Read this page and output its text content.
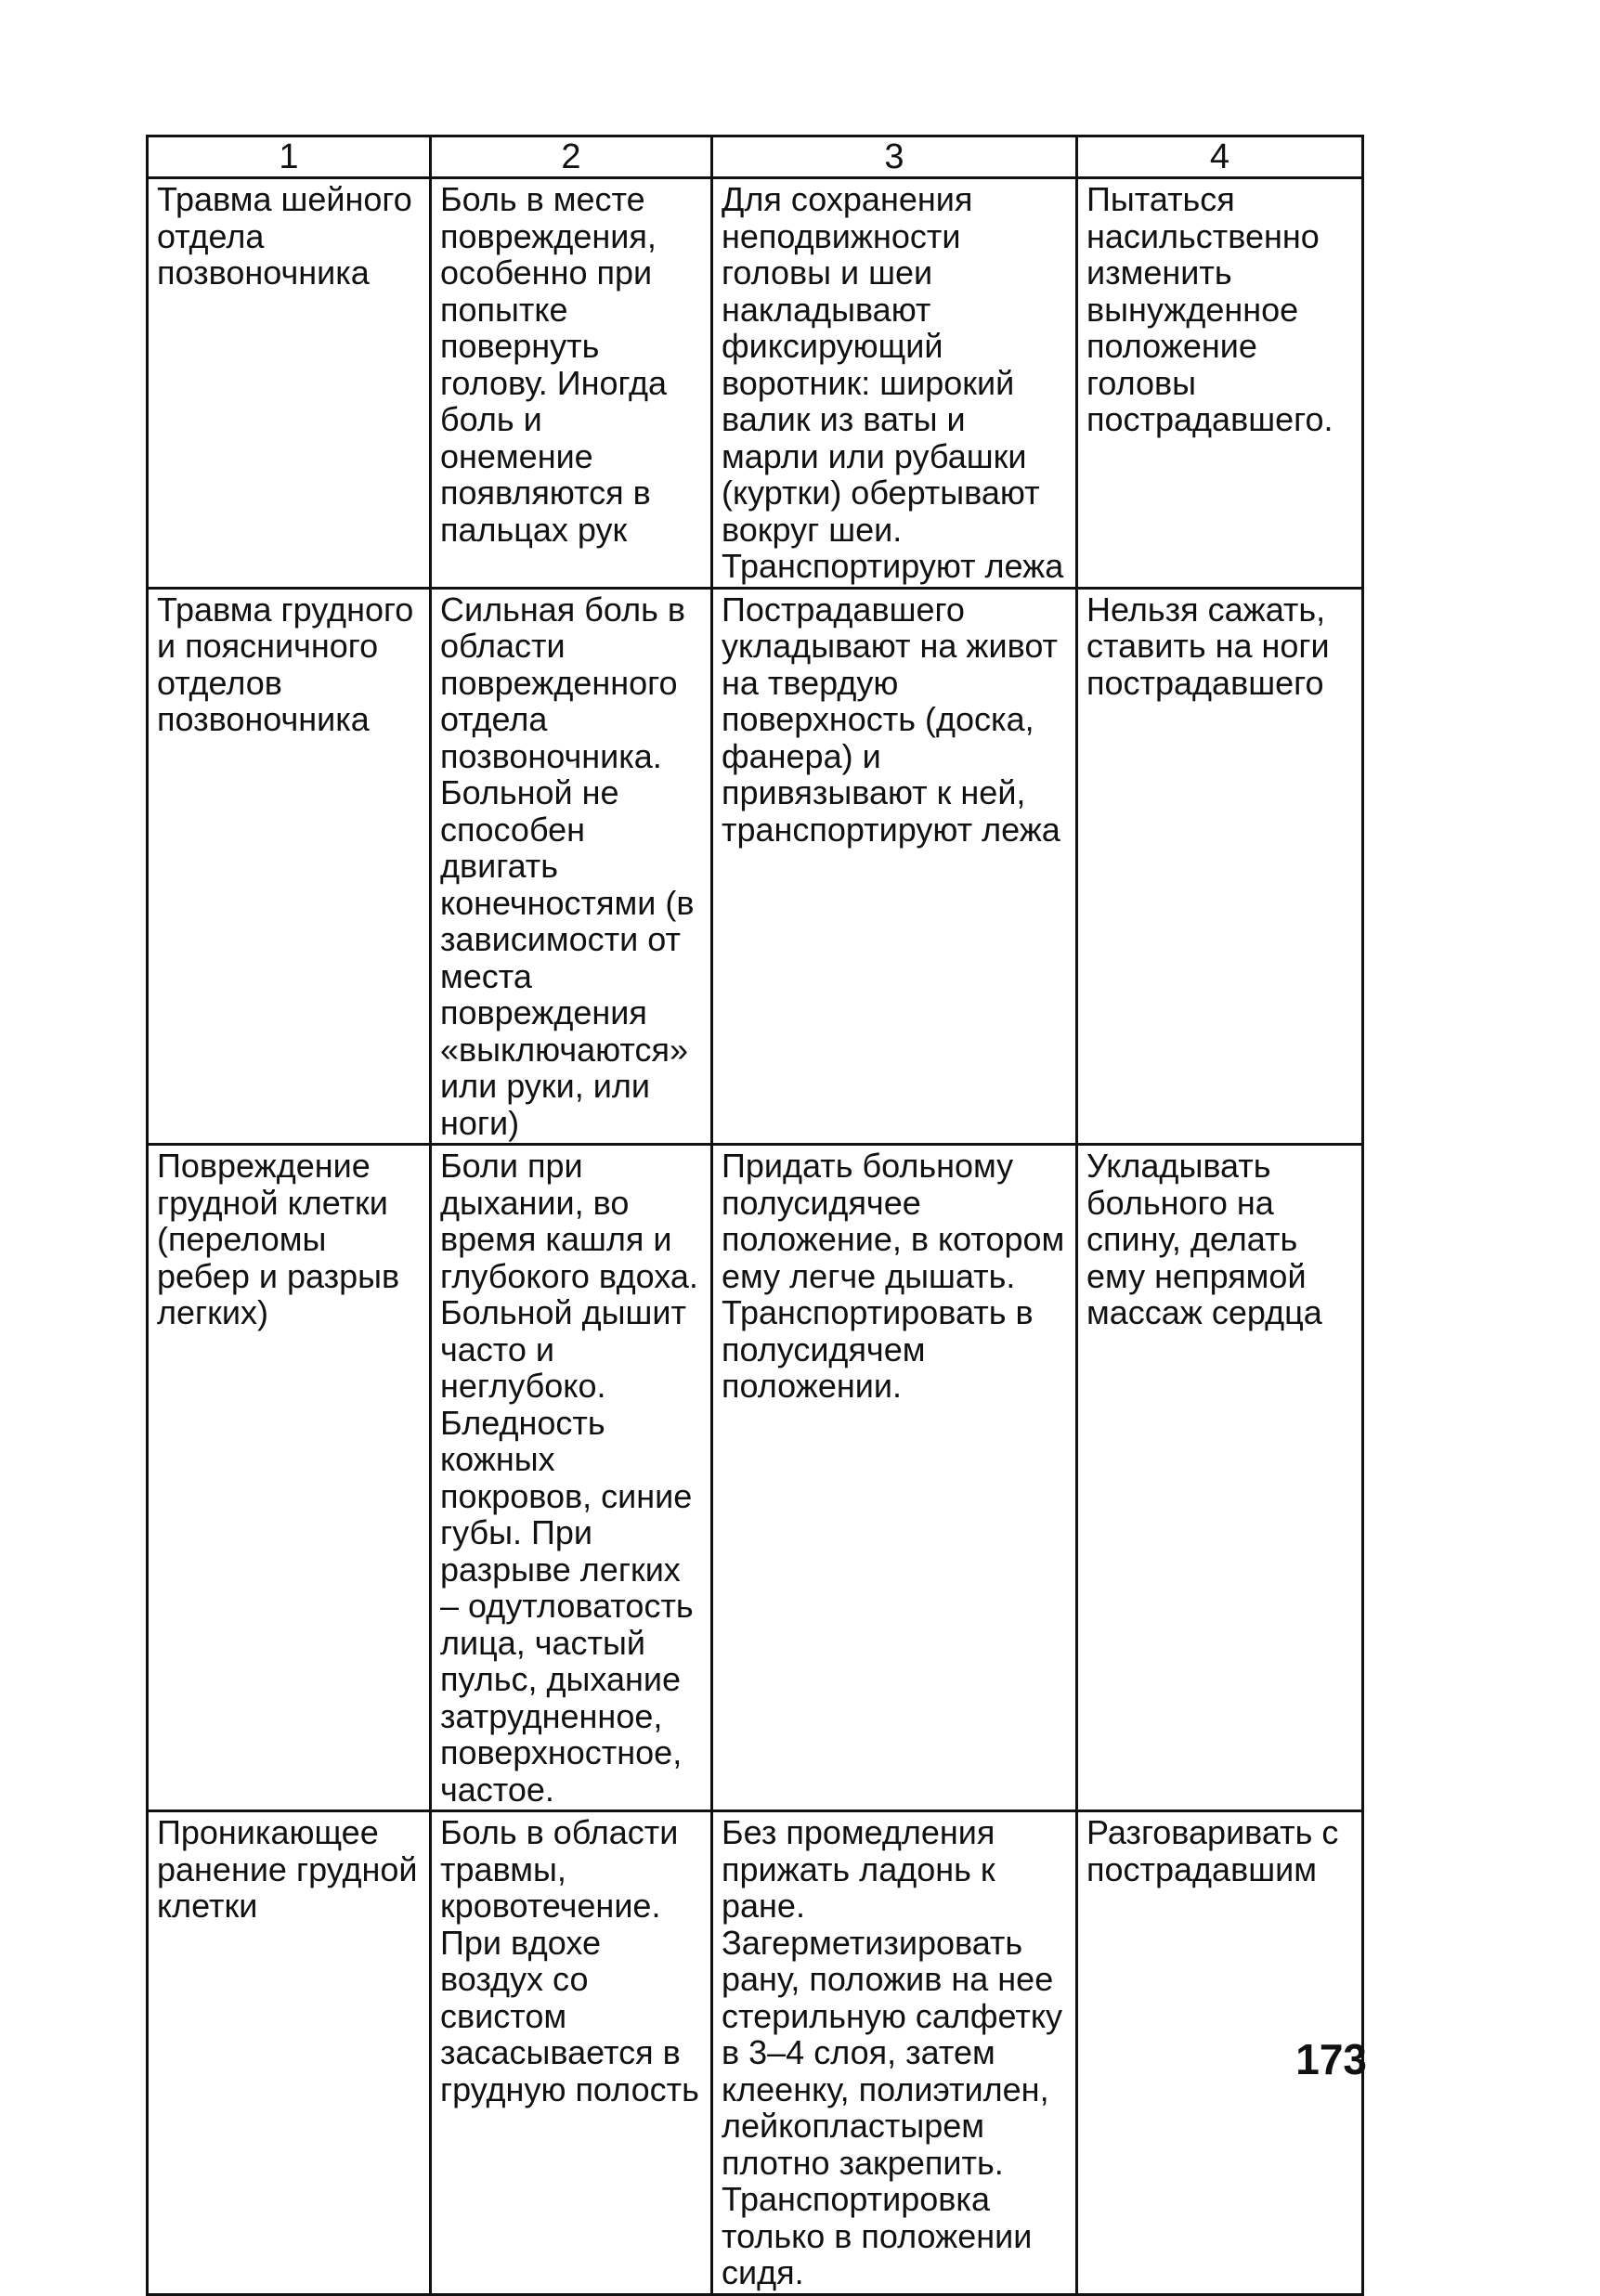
1	2	3	4

Травма шейного отдела позвоночника	Боль в месте повреждения, особенно при попытке повернуть голову. Иногда боль и онемение появляются в пальцах рук	Для сохранения неподвижности головы и шеи накладывают фиксирующий воротник: широкий валик из ваты и марли или рубашки (куртки) обертывают вокруг шеи. Транспортируют лежа	Пытаться насильственно изменить вынужденное положение головы пострадавшего.

Травма грудного и поясничного отделов позвоночника	Сильная боль в области поврежденного отдела позвоночника. Больной не способен двигать конечностями (в зависимости от места повреждения «выключаются» или руки, или ноги)	Пострадавшего укладывают на живот на твердую поверхность (доска, фанера) и привязывают к ней, транспортируют лежа	Нельзя сажать, ставить на ноги пострадавшего

Повреждение грудной клетки (переломы ребер и разрыв легких)	Боли при дыхании, во время кашля и глубокого вдоха. Больной дышит часто и неглубоко. Бледность кожных покровов, синие губы. При разрыве легких – одутловатость лица, частый пульс, дыхание затрудненное, поверхностное, частое.	Придать больному полусидячее положение, в котором ему легче дышать. Транспортировать в полусидячем положении.	Укладывать больного на спину, делать ему непрямой массаж сердца

Проникающее ранение грудной клетки	Боль в области травмы, кровотечение. При вдохе воздух со свистом засасывается в грудную полость	Без промедления прижать ладонь к ране. Загерметизировать рану, положив на нее стерильную салфетку в 3–4 слоя, затем клеенку, полиэтилен, лейкопластырем плотно закрепить. Транспортировка только в положении сидя.	Разговаривать с пострадавшим
173
